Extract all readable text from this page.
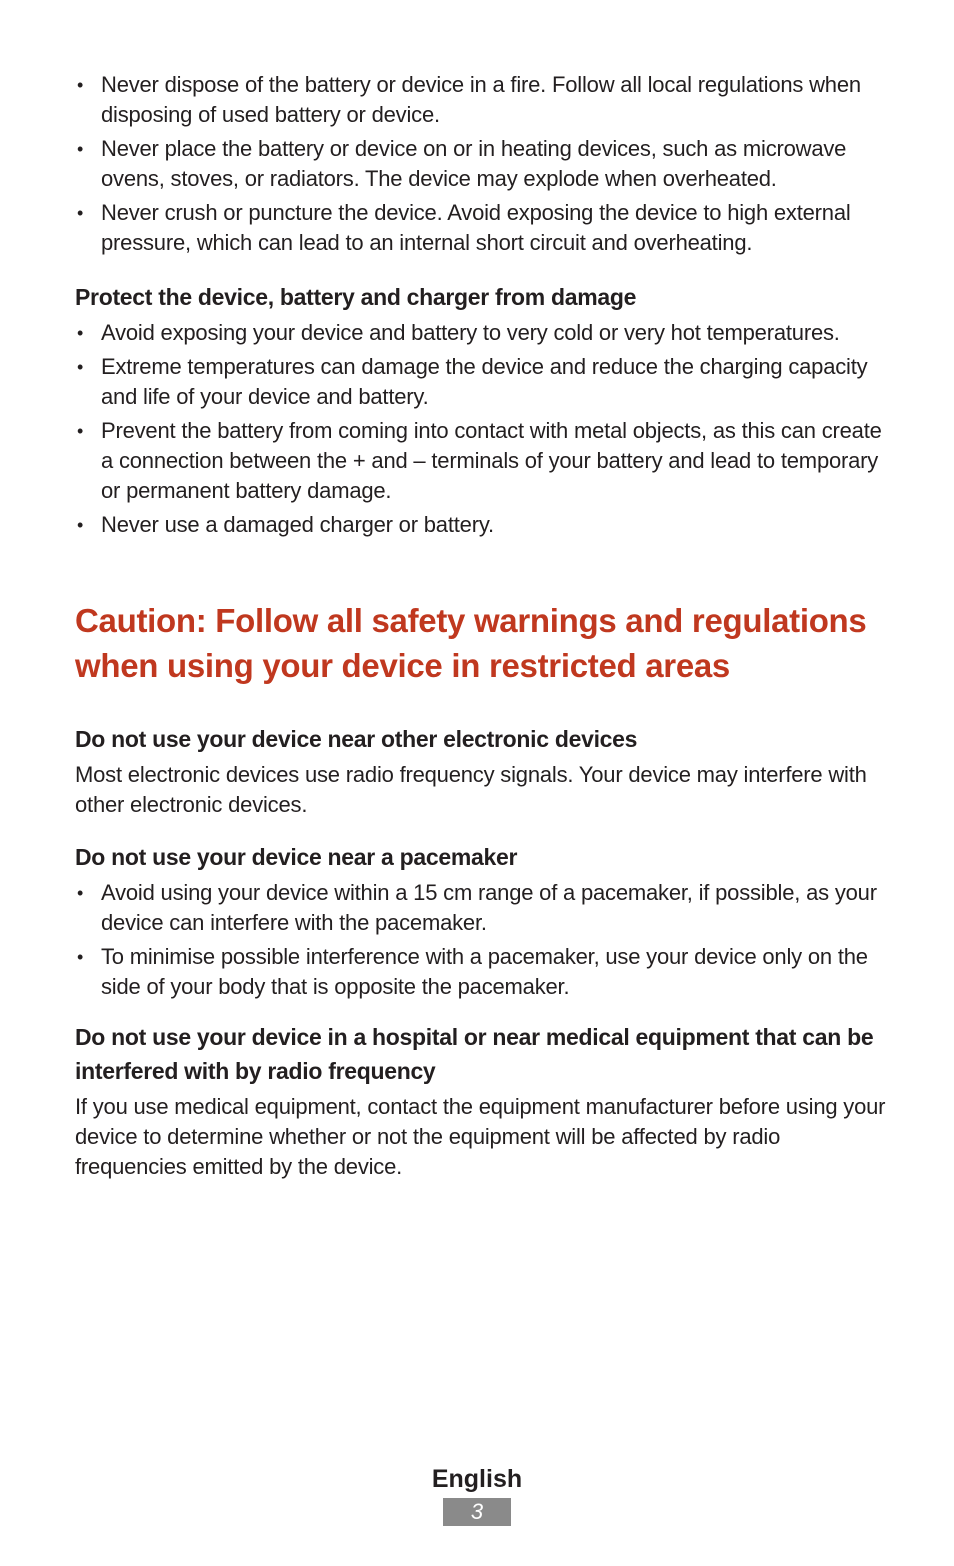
• Never dispose of the battery or device in a fire. Follow all local regulations when disposing of used battery or device.
• Never place the battery or device on or in heating devices, such as microwave ovens, stoves, or radiators. The device may explode when overheated.
• Never crush or puncture the device. Avoid exposing the device to high external pressure, which can lead to an internal short circuit and overheating.
Protect the device, battery and charger from damage
• Avoid exposing your device and battery to very cold or very hot temperatures.
• Extreme temperatures can damage the device and reduce the charging capacity and life of your device and battery.
• Prevent the battery from coming into contact with metal objects, as this can create a connection between the + and – terminals of your battery and lead to temporary or permanent battery damage.
• Never use a damaged charger or battery.
Caution: Follow all safety warnings and regulations when using your device in restricted areas
Do not use your device near other electronic devices

Most electronic devices use radio frequency signals. Your device may interfere with other electronic devices.

Do not use your device near a pacemaker
• Avoid using your device within a 15 cm range of a pacemaker, if possible, as your device can interfere with the pacemaker.
• To minimise possible interference with a pacemaker, use your device only on the side of your body that is opposite the pacemaker.
Do not use your device in a hospital or near medical equipment that can be interfered with by radio frequency

If you use medical equipment, contact the equipment manufacturer before using your device to determine whether or not the equipment will be affected by radio frequencies emitted by the device.

English
3
